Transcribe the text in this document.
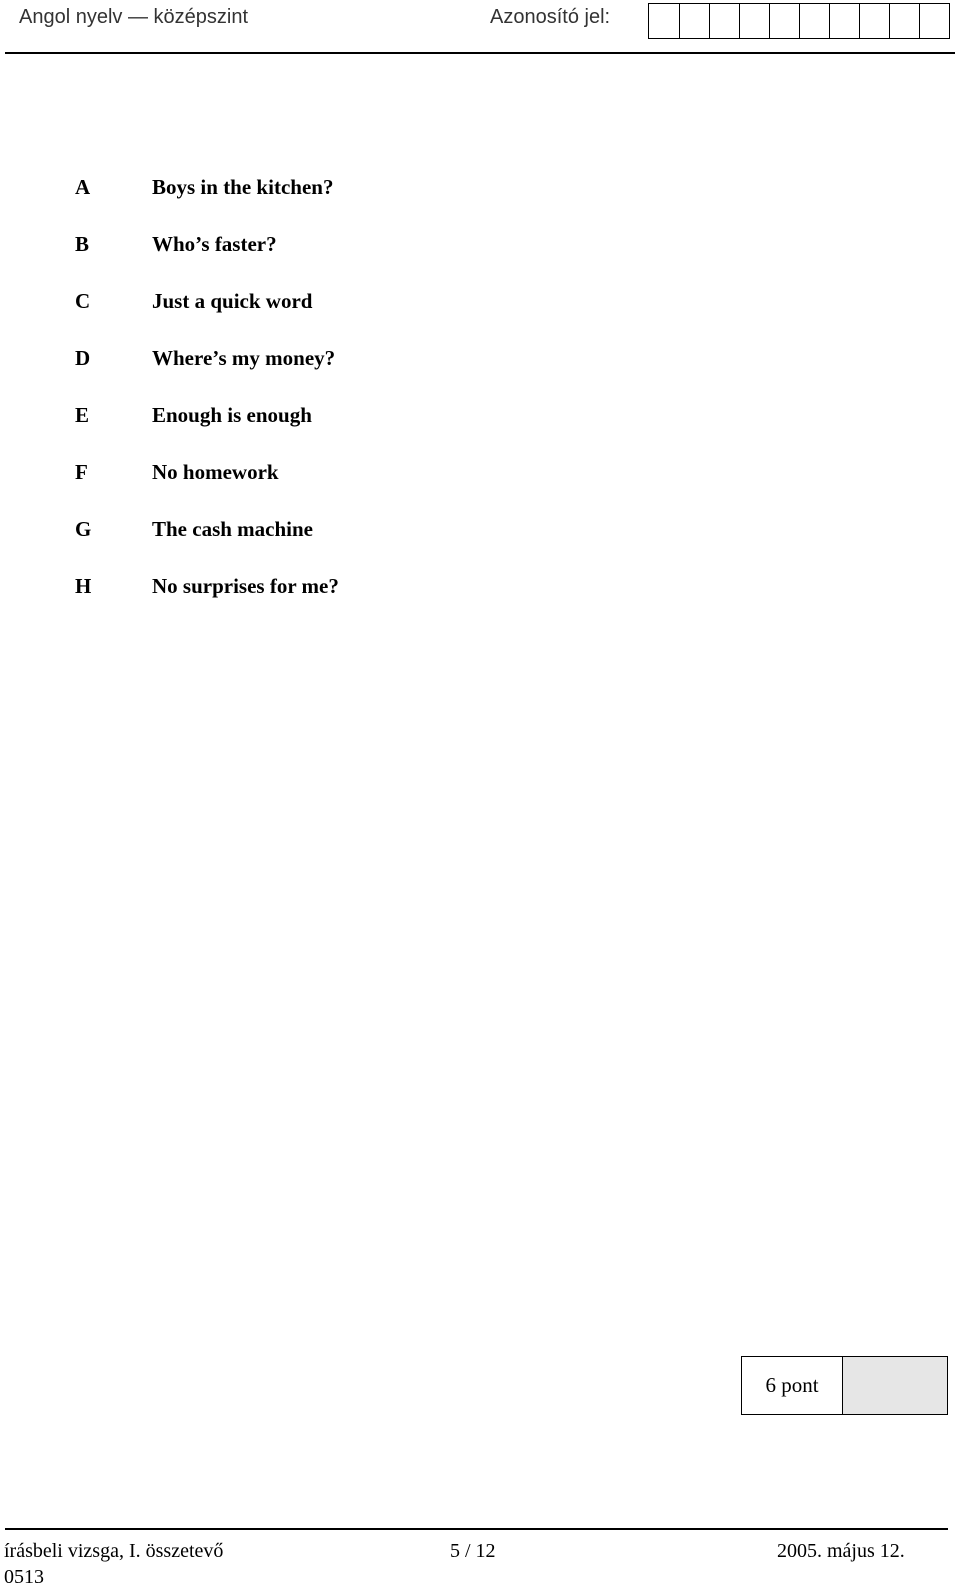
Angol nyelv — középszint	Azonosító jel:
A	Boys in the kitchen?
B	Who’s faster?
C	Just a quick word
D	Where’s my money?
E	Enough is enough
F	No homework
G	The cash machine
H	No surprises for me?
6 pont
írásbeli vizsga, I. összetevő	5 / 12	2005. május 12.
0513
